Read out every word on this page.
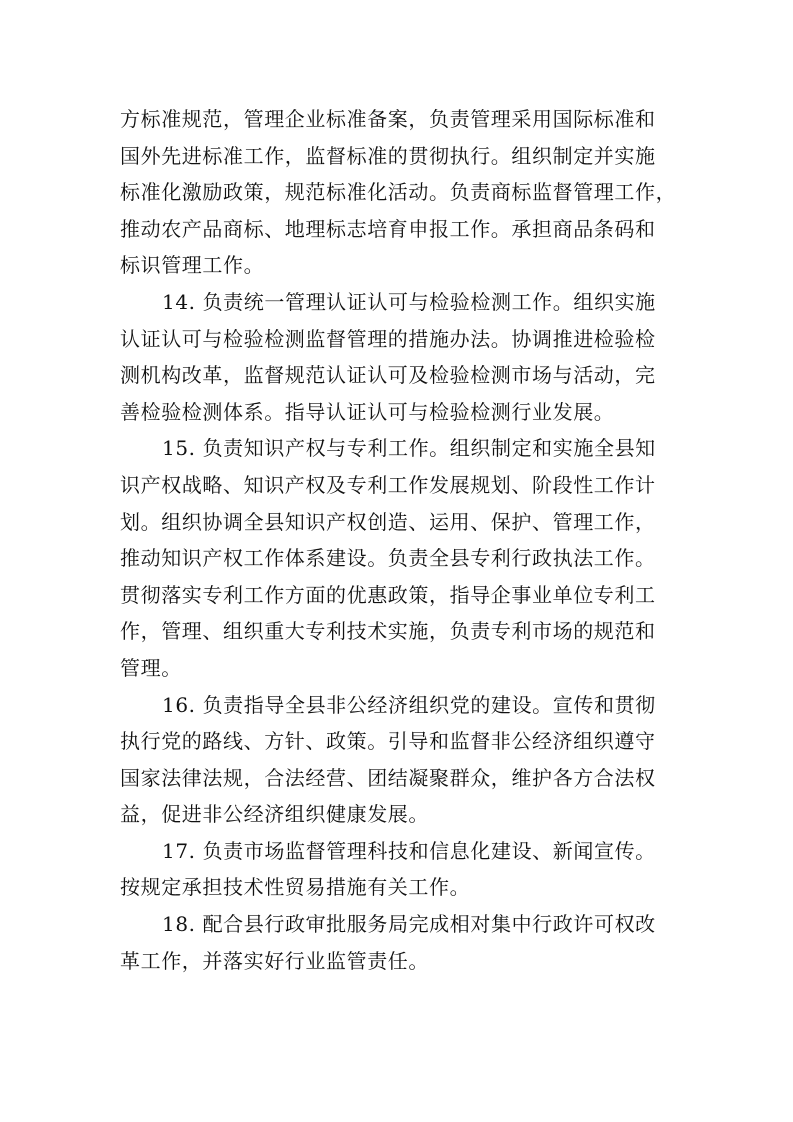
方标准规范，管理企业标准备案，负责管理采用国际标准和
国外先进标准工作，监督标准的贯彻执行。组织制定并实施
标准化激励政策，规范标准化活动。负责商标监督管理工作，
推动农产品商标、地理标志培育申报工作。承担商品条码和
标识管理工作。
14. 负责统一管理认证认可与检验检测工作。组织实施
认证认可与检验检测监督管理的措施办法。协调推进检验检
测机构改革，监督规范认证认可及检验检测市场与活动，完
善检验检测体系。指导认证认可与检验检测行业发展。
15. 负责知识产权与专利工作。组织制定和实施全县知
识产权战略、知识产权及专利工作发展规划、阶段性工作计
划。组织协调全县知识产权创造、运用、保护、管理工作，
推动知识产权工作体系建设。负责全县专利行政执法工作。
贯彻落实专利工作方面的优惠政策，指导企事业单位专利工
作，管理、组织重大专利技术实施，负责专利市场的规范和
管理。
16. 负责指导全县非公经济组织党的建设。宣传和贯彻
执行党的路线、方针、政策。引导和监督非公经济组织遵守
国家法律法规，合法经营、团结凝聚群众，维护各方合法权
益，促进非公经济组织健康发展。
17. 负责市场监督管理科技和信息化建设、新闻宣传。
按规定承担技术性贸易措施有关工作。
18. 配合县行政审批服务局完成相对集中行政许可权改
革工作，并落实好行业监管责任。
